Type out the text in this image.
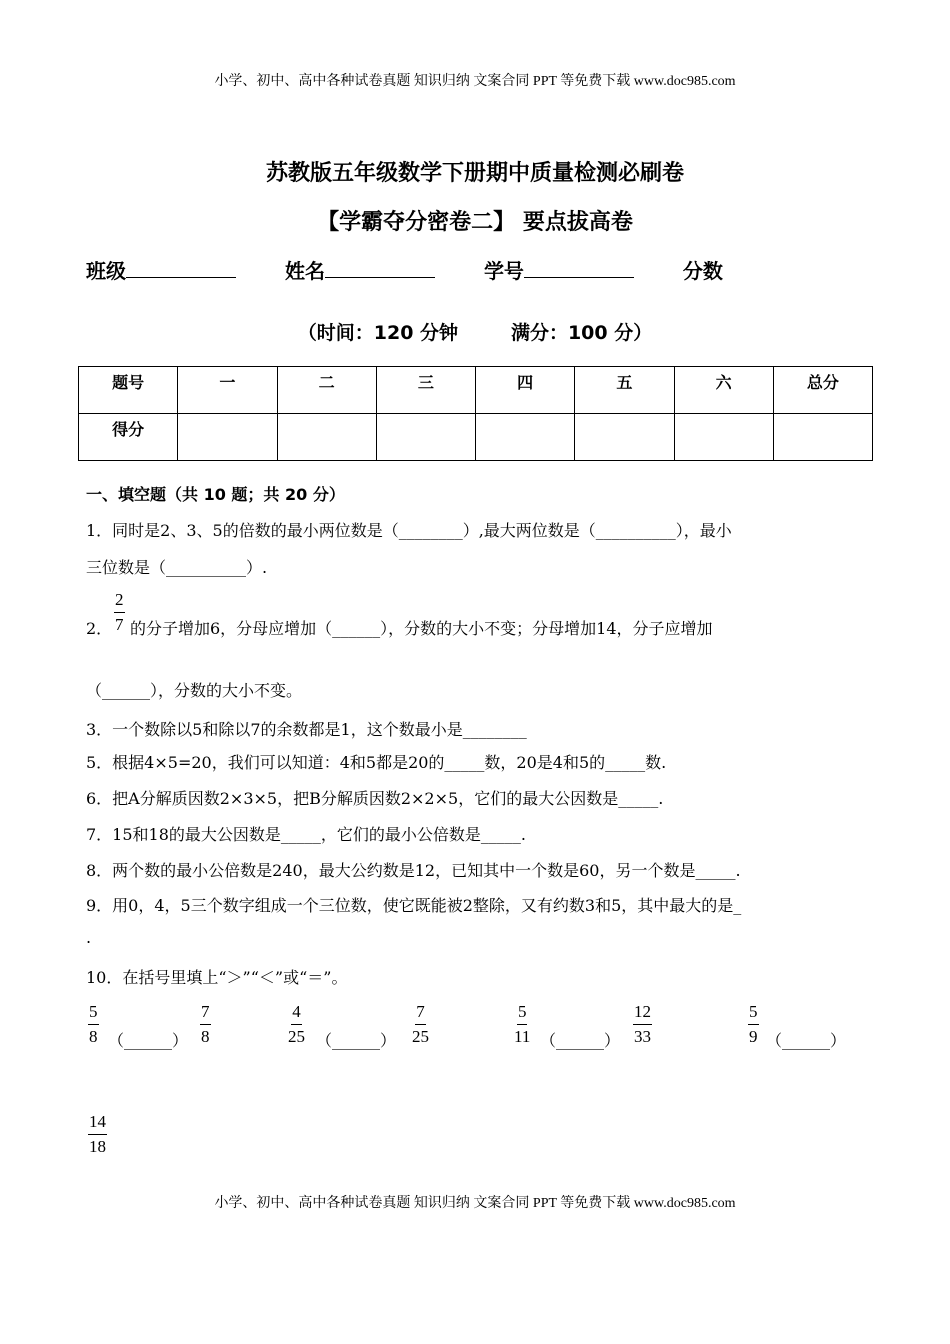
小学、初中、高中各种试卷真题 知识归纳 文案合同 PPT 等免费下载 www.doc985.com
苏教版五年级数学下册期中质量检测必刷卷
【学霸夺分密卷二】 要点拔高卷
班级	姓名	学号	分数
（时间：120 分钟        满分：100 分）
题号	一	二	三	四	五	六	总分
得分							
一、填空题（共 10 题；共 20 分）
1．同时是2、3、5的倍数的最小两位数是（________）,最大两位数是（__________），最小
三位数是（__________）.
$\frac{2}{7}$
2． 的分子增加6，分母应增加（______），分数的大小不变；分母增加14，分子应增加
（______），分数的大小不变。
3．一个数除以5和除以7的余数都是1，这个数最小是________
5．根据4×5=20，我们可以知道：4和5都是20的_____数，20是4和5的_____数.
6．把A分解质因数2×3×5，把B分解质因数2×2×5，它们的最大公因数是_____.
7．15和18的最大公因数是_____，它们的最小公倍数是_____.
8．两个数的最小公倍数是240，最大公约数是12，已知其中一个数是60，另一个数是_____.
9．用0，4，5三个数字组成一个三位数，使它既能被2整除，又有约数3和5，其中最大的是_
.
10．在括号里填上“＞”“＜”或“＝”。
$\frac{5}{8}$ （______） $\frac{7}{8}$	$\frac{4}{25}$ （______） $\frac{7}{25}$	$\frac{5}{11}$ （______） $\frac{12}{33}$	$\frac{5}{9}$ （______）
$\frac{14}{18}$
小学、初中、高中各种试卷真题 知识归纳 文案合同 PPT 等免费下载 www.doc985.com
